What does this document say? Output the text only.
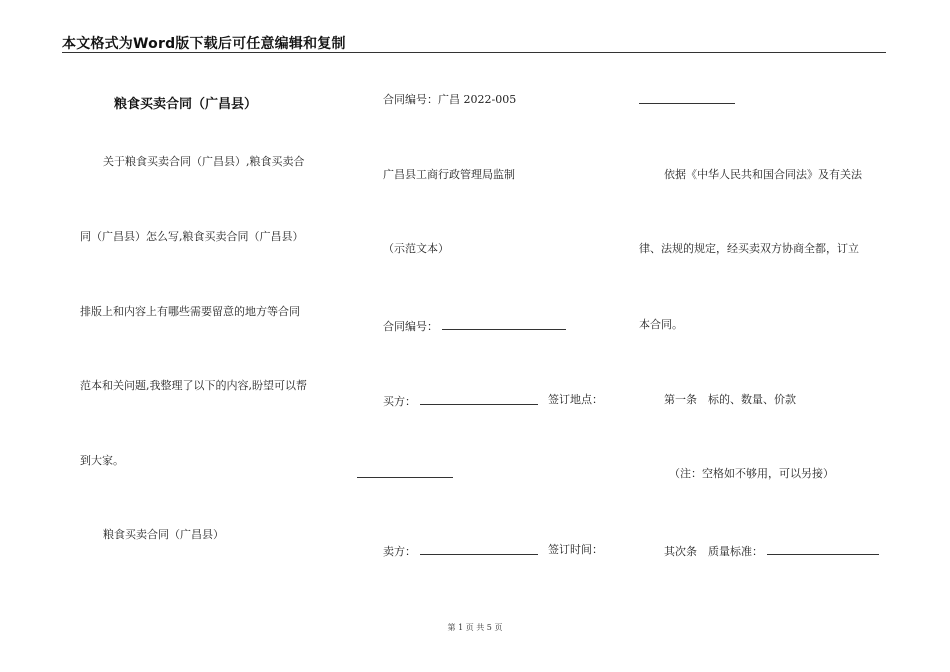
本文格式为Word版下载后可任意编辑和复制
粮食买卖合同（广昌县）
关于粮食买卖合同（广昌县）,粮食买卖合
同（广昌县）怎么写,粮食买卖合同（广昌县）
排版上和内容上有哪些需要留意的地方等合同
范本和关问题,我整理了以下的内容,盼望可以帮
到大家。
粮食买卖合同（广昌县）
合同编号：广昌 2022-005
广昌县工商行政管理局监制
（示范文本）
合同编号：
买方：	签订地点：
卖方：	签订时间：
依据《中华人民共和国合同法》及有关法
律、法规的规定，经买卖双方协商全都，订立
本合同。
第一条　标的、数量、价款
（注：空格如不够用，可以另接）
其次条　质量标准：
第 1 页 共 5 页
